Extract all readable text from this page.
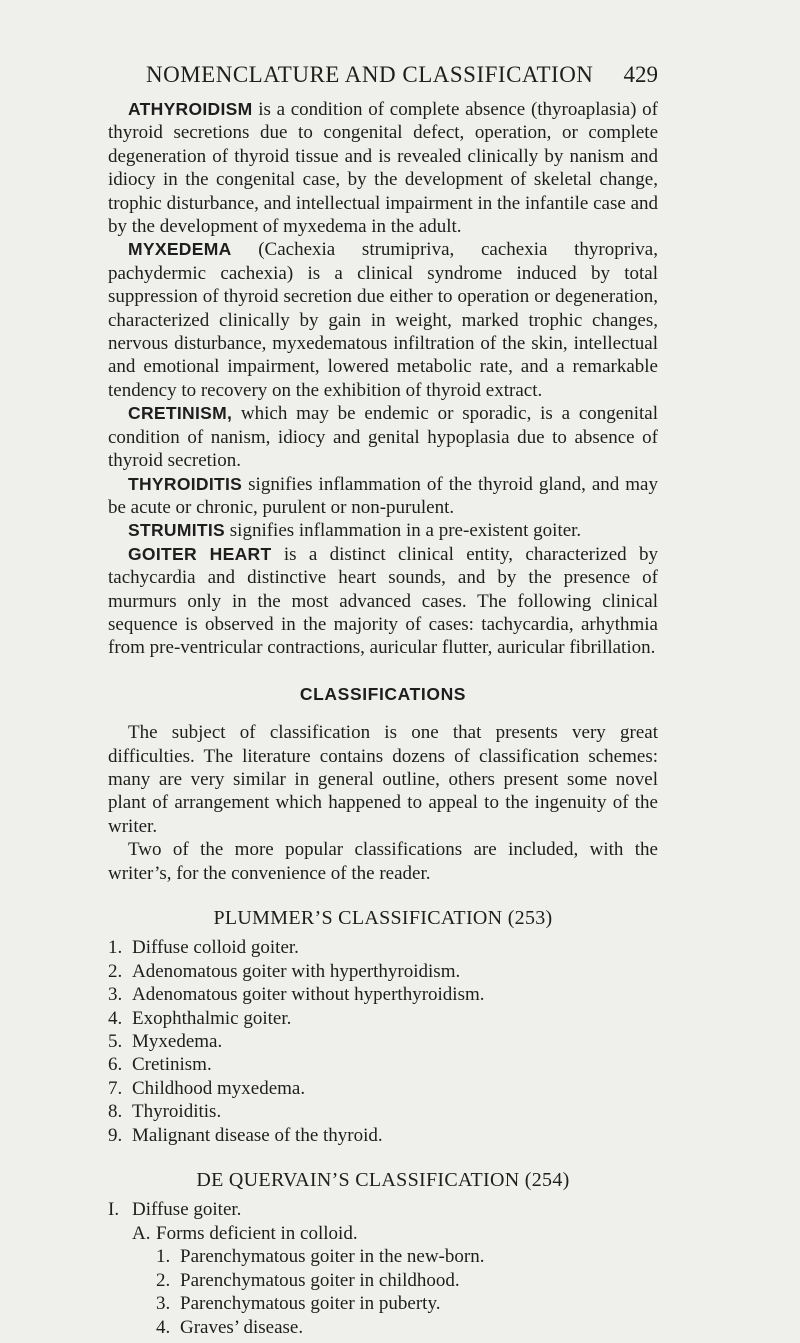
NOMENCLATURE AND CLASSIFICATION 429

ATHYROIDISM is a condition of complete absence (thyroaplasia) of thyroid secretions due to congenital defect, operation, or complete degeneration of thyroid tissue and is revealed clinically by nanism and idiocy in the congenital case, by the development of skeletal change, trophic disturbance, and intellectual impairment in the infantile case and by the development of myxedema in the adult.

MYXEDEMA (Cachexia strumipriva, cachexia thyropriva, pachydermic cachexia) is a clinical syndrome induced by total suppression of thyroid secretion due either to operation or degeneration, characterized clinically by gain in weight, marked trophic changes, nervous disturbance, myxedematous infiltration of the skin, intellectual and emotional impairment, lowered metabolic rate, and a remarkable tendency to recovery on the exhibition of thyroid extract.

CRETINISM, which may be endemic or sporadic, is a congenital condition of nanism, idiocy and genital hypoplasia due to absence of thyroid secretion.

THYROIDITIS signifies inflammation of the thyroid gland, and may be acute or chronic, purulent or non-purulent.

STRUMITIS signifies inflammation in a pre-existent goiter.

GOITER HEART is a distinct clinical entity, characterized by tachycardia and distinctive heart sounds, and by the presence of murmurs only in the most advanced cases. The following clinical sequence is observed in the majority of cases: tachycardia, arhythmia from pre-ventricular contractions, auricular flutter, auricular fibrillation.

CLASSIFICATIONS

The subject of classification is one that presents very great difficulties. The literature contains dozens of classification schemes: many are very similar in general outline, others present some novel plant of arrangement which happened to appeal to the ingenuity of the writer.

Two of the more popular classifications are included, with the writer’s, for the convenience of the reader.

PLUMMER’S CLASSIFICATION (253)
1. Diffuse colloid goiter.
2. Adenomatous goiter with hyperthyroidism.
3. Adenomatous goiter without hyperthyroidism.
4. Exophthalmic goiter.
5. Myxedema.
6. Cretinism.
7. Childhood myxedema.
8. Thyroiditis.
9. Malignant disease of the thyroid.
DE QUERVAIN’S CLASSIFICATION (254)
I. Diffuse goiter.
A. Forms deficient in colloid.
1. Parenchymatous goiter in the new-born.
2. Parenchymatous goiter in childhood.
3. Parenchymatous goiter in puberty.
4. Graves’ disease.
